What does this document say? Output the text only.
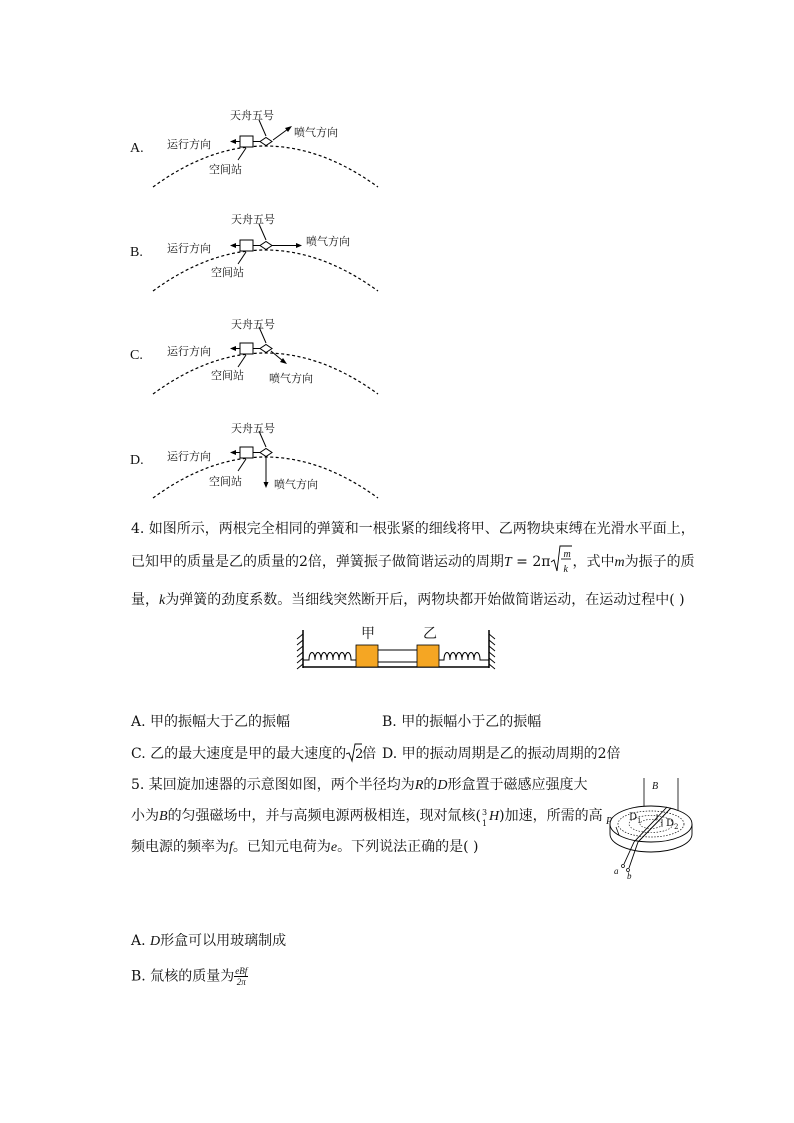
A.
天舟五号
运行方向
空间站
喷气方向
B.
天舟五号
运行方向
空间站
喷气方向
C.
天舟五号
运行方向
空间站 喷气方向
D.
天舟五号
运行方向
空间站	喷气方向
4. 如图所示，两根完全相同的弹簧和一根张紧的细线将甲、乙两物块束缚在光滑水平面上，
已知甲的质量是乙的质量的2倍，弹簧振子做简谐运动的周期T = 2π m
k ，式中m为振子的质
量，k为弹簧的劲度系数。当细线突然断开后，两物块都开始做简谐运动，在运动过程中( )
甲	乙
A. 甲的振幅大于乙的振幅	B. 甲的振幅小于乙的振幅
C. 乙的最大速度是甲的最大速度的 2
倍 D. 甲的振动周期是乙的振动周期的2倍
5. 某回旋加速器的示意图如图，两个半径均为R的D形盒置于磁感应强度大
小为B的匀强磁场中，并与高频电源两极相连，现对氚核( 3
1 H)加速，所需的高
频电源的频率为f。已知元电荷为e。下列说法正确的是( )
B
P $D_1$ $D_2$
a b
A. D形盒可以用玻璃制成
B. 氚核的质量为 eBf
2π
